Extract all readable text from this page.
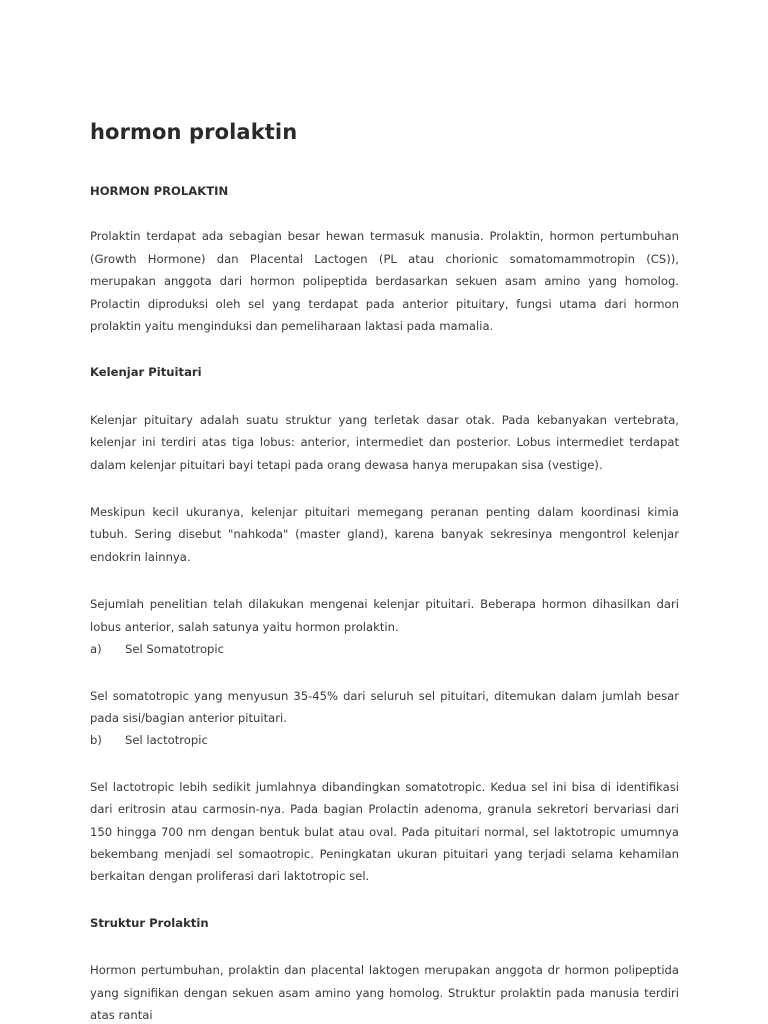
hormon prolaktin

HORMON PROLAKTIN

Prolaktin terdapat ada sebagian besar hewan termasuk manusia. Prolaktin, hormon pertumbuhan (Growth Hormone) dan Placental Lactogen (PL atau chorionic somatomammotropin (CS)), merupakan anggota dari hormon polipeptida berdasarkan sekuen asam amino yang homolog. Prolactin diproduksi oleh sel yang terdapat pada anterior pituitary, fungsi utama dari hormon prolaktin yaitu menginduksi dan pemeliharaan laktasi pada mamalia.

Kelenjar Pituitari

Kelenjar pituitary adalah suatu struktur yang terletak dasar otak. Pada kebanyakan vertebrata, kelenjar ini terdiri atas tiga lobus: anterior, intermediet dan posterior. Lobus intermediet terdapat dalam kelenjar pituitari bayi tetapi pada orang dewasa hanya merupakan sisa (vestige).

Meskipun kecil ukuranya, kelenjar pituitari memegang peranan penting dalam koordinasi kimia tubuh. Sering disebut "nahkoda" (master gland), karena banyak sekresinya mengontrol kelenjar endokrin lainnya.

Sejumlah penelitian telah dilakukan mengenai kelenjar pituitari. Beberapa hormon dihasilkan dari lobus anterior, salah satunya yaitu hormon prolaktin.

a)	Sel Somatotropic

Sel somatotropic yang menyusun 35-45% dari seluruh sel pituitari, ditemukan dalam jumlah besar pada sisi/bagian anterior pituitari.

b)	Sel lactotropic

Sel lactotropic lebih sedikit jumlahnya dibandingkan somatotropic. Kedua sel ini bisa di identifikasi dari eritrosin atau carmosin-nya. Pada bagian Prolactin adenoma, granula sekretori bervariasi dari 150 hingga 700 nm dengan bentuk bulat atau oval. Pada pituitari normal, sel laktotropic umumnya bekembang menjadi sel somaotropic. Peningkatan ukuran pituitari yang terjadi selama kehamilan berkaitan dengan proliferasi dari laktotropic sel.

Struktur Prolaktin

Hormon pertumbuhan, prolaktin dan placental laktogen merupakan anggota dr hormon polipeptida yang signifikan dengan sekuen asam amino yang homolog. Struktur prolaktin pada manusia terdiri atas rantai
